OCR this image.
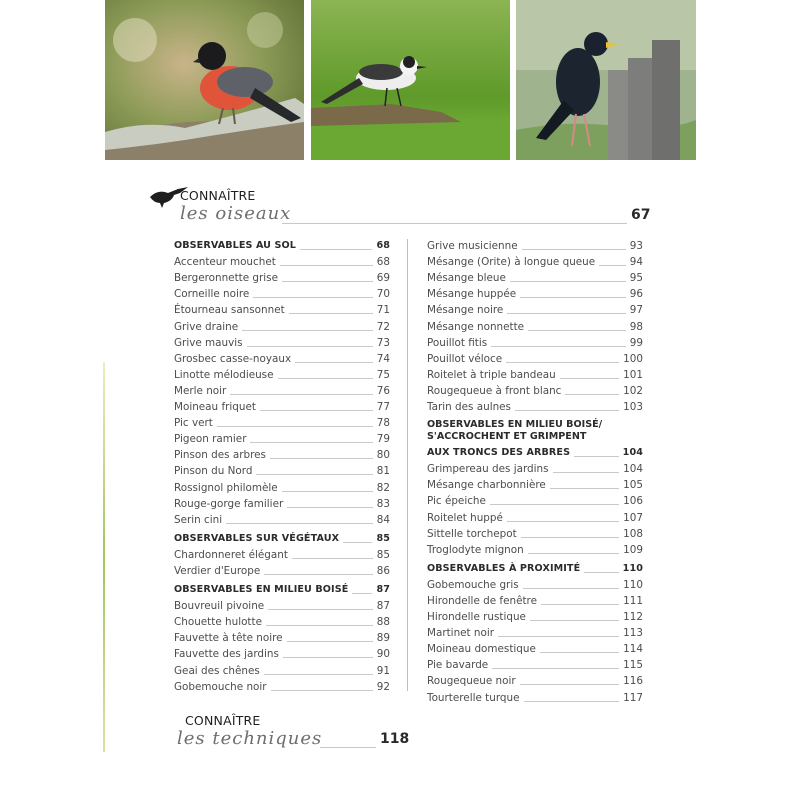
CONNAÎTRE
les oiseaux	67
OBSERVABLES AU SOL	68
Accenteur mouchet	68
Bergeronnette grise	69
Corneille noire	70
Étourneau sansonnet	71
Grive draine	72
Grive mauvis	73
Grosbec casse-noyaux	74
Linotte mélodieuse	75
Merle noir	76
Moineau friquet	77
Pic vert	78
Pigeon ramier	79
Pinson des arbres	80
Pinson du Nord	81
Rossignol philomèle	82
Rouge-gorge familier	83
Serin cini	84
OBSERVABLES SUR VÉGÉTAUX	85
Chardonneret élégant	85
Verdier d'Europe	86
OBSERVABLES EN MILIEU BOISÉ	87
Bouvreuil pivoine	87
Chouette hulotte	88
Fauvette à tête noire	89
Fauvette des jardins	90
Geai des chênes	91
Gobemouche noir	92
Grive musicienne	93
Mésange (Orite) à longue queue	94
Mésange bleue	95
Mésange huppée	96
Mésange noire	97
Mésange nonnette	98
Pouillot fitis	99
Pouillot véloce	100
Roitelet à triple bandeau	101
Rougequeue à front blanc	102
Tarin des aulnes	103
OBSERVABLES EN MILIEU BOISÉ/
S'ACCROCHENT ET GRIMPENT
AUX TRONCS DES ARBRES	104
Grimpereau des jardins	104
Mésange charbonnière	105
Pic épeiche	106
Roitelet huppé	107
Sittelle torchepot	108
Troglodyte mignon	109
OBSERVABLES À PROXIMITÉ	110
Gobemouche gris	110
Hirondelle de fenêtre	111
Hirondelle rustique	112
Martinet noir	113
Moineau domestique	114
Pie bavarde	115
Rougequeue noir	116
Tourterelle turque	117
CONNAÎTRE
les techniques	118
